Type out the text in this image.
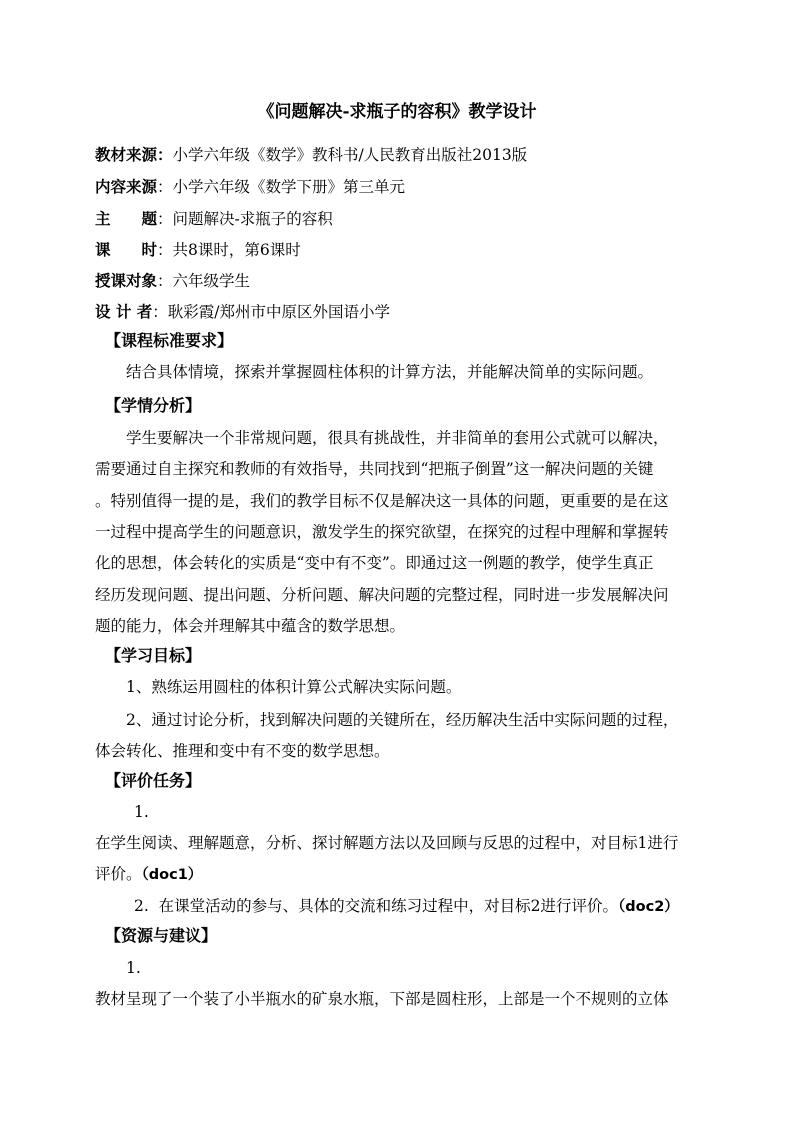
《问题解决-求瓶子的容积》教学设计
教材来源：小学六年级《数学》教科书/人民教育出版社2013版
内容来源：小学六年级《数学下册》第三单元
主　　题：问题解决-求瓶子的容积
课　　时：共8课时，第6课时
授课对象：六年级学生
设 计 者：耿彩霞/郑州市中原区外国语小学
【课程标准要求】
结合具体情境，探索并掌握圆柱体积的计算方法，并能解决简单的实际问题。
【学情分析】
学生要解决一个非常规问题，很具有挑战性，并非简单的套用公式就可以解决，
需要通过自主探究和教师的有效指导，共同找到“把瓶子倒置”这一解决问题的关键
。特别值得一提的是，我们的教学目标不仅是解决这一具体的问题，更重要的是在这
一过程中提高学生的问题意识，激发学生的探究欲望，在探究的过程中理解和掌握转
化的思想，体会转化的实质是“变中有不变”。即通过这一例题的教学，使学生真正
经历发现问题、提出问题、分析问题、解决问题的完整过程，同时进一步发展解决问
题的能力，体会并理解其中蕴含的数学思想。
【学习目标】
1、熟练运用圆柱的体积计算公式解决实际问题。
2、通过讨论分析，找到解决问题的关键所在，经历解决生活中实际问题的过程，
体会转化、推理和变中有不变的数学思想。
【评价任务】
1.
在学生阅读、理解题意，分析、探讨解题方法以及回顾与反思的过程中，对目标1进行
评价。（doc1）
2. 在课堂活动的参与、具体的交流和练习过程中，对目标2进行评价。（doc2）
【资源与建议】
1.
教材呈现了一个装了小半瓶水的矿泉水瓶，下部是圆柱形，上部是一个不规则的立体
